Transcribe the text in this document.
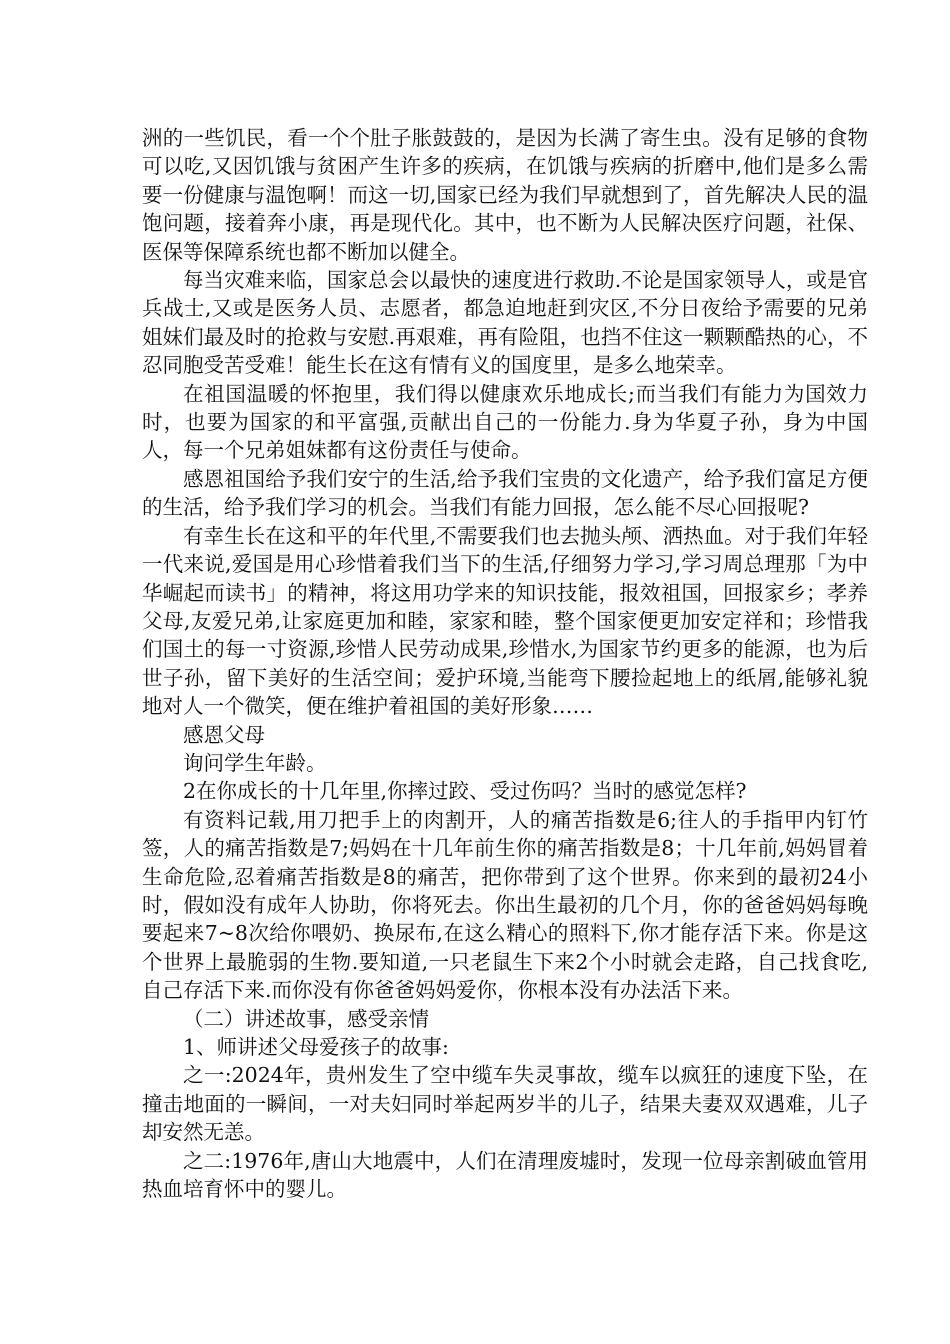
洲的一些饥民，看一个个肚子胀鼓鼓的，是因为长满了寄生虫。没有足够的食物可以吃,又因饥饿与贫困产生许多的疾病，在饥饿与疾病的折磨中,他们是多么需要一份健康与温饱啊！而这一切,国家已经为我们早就想到了，首先解决人民的温饱问题，接着奔小康，再是现代化。其中，也不断为人民解决医疗问题，社保、医保等保障系统也都不断加以健全。

每当灾难来临，国家总会以最快的速度进行救助.不论是国家领导人，或是官兵战士,又或是医务人员、志愿者，都急迫地赶到灾区,不分日夜给予需要的兄弟姐妹们最及时的抢救与安慰.再艰难，再有险阻，也挡不住这一颗颗酷热的心，不忍同胞受苦受难！能生长在这有情有义的国度里，是多么地荣幸。

在祖国温暖的怀抱里，我们得以健康欢乐地成长;而当我们有能力为国效力时，也要为国家的和平富强,贡献出自己的一份能力.身为华夏子孙，身为中国人，每一个兄弟姐妹都有这份责任与使命。

感恩祖国给予我们安宁的生活,给予我们宝贵的文化遗产，给予我们富足方便的生活，给予我们学习的机会。当我们有能力回报，怎么能不尽心回报呢?

有幸生长在这和平的年代里,不需要我们也去抛头颅、洒热血。对于我们年轻一代来说,爱国是用心珍惜着我们当下的生活,仔细努力学习,学习周总理那「为中华崛起而读书」的精神，将这用功学来的知识技能，报效祖国，回报家乡；孝养父母,友爱兄弟,让家庭更加和睦，家家和睦，整个国家便更加安定祥和；珍惜我们国土的每一寸资源,珍惜人民劳动成果,珍惜水,为国家节约更多的能源，也为后世子孙，留下美好的生活空间；爱护环境,当能弯下腰捡起地上的纸屑,能够礼貌地对人一个微笑，便在维护着祖国的美好形象……

感恩父母

询问学生年龄。

2在你成长的十几年里,你摔过跤、受过伤吗？当时的感觉怎样?

有资料记载,用刀把手上的肉割开，人的痛苦指数是6;往人的手指甲内钉竹签，人的痛苦指数是7;妈妈在十几年前生你的痛苦指数是8；十几年前,妈妈冒着生命危险,忍着痛苦指数是8的痛苦，把你带到了这个世界。你来到的最初24小时，假如没有成年人协助，你将死去。你出生最初的几个月，你的爸爸妈妈每晚要起来7~8次给你喂奶、换尿布,在这么精心的照料下,你才能存活下来。你是这个世界上最脆弱的生物.要知道,一只老鼠生下来2个小时就会走路，自己找食吃,自己存活下来.而你没有你爸爸妈妈爱你，你根本没有办法活下来。

（二）讲述故事，感受亲情

1、师讲述父母爱孩子的故事:

之一:2024年，贵州发生了空中缆车失灵事故，缆车以疯狂的速度下坠，在撞击地面的一瞬间，一对夫妇同时举起两岁半的儿子，结果夫妻双双遇难，儿子却安然无恙。

之二:1976年,唐山大地震中，人们在清理废墟时，发现一位母亲割破血管用热血培育怀中的婴儿。
